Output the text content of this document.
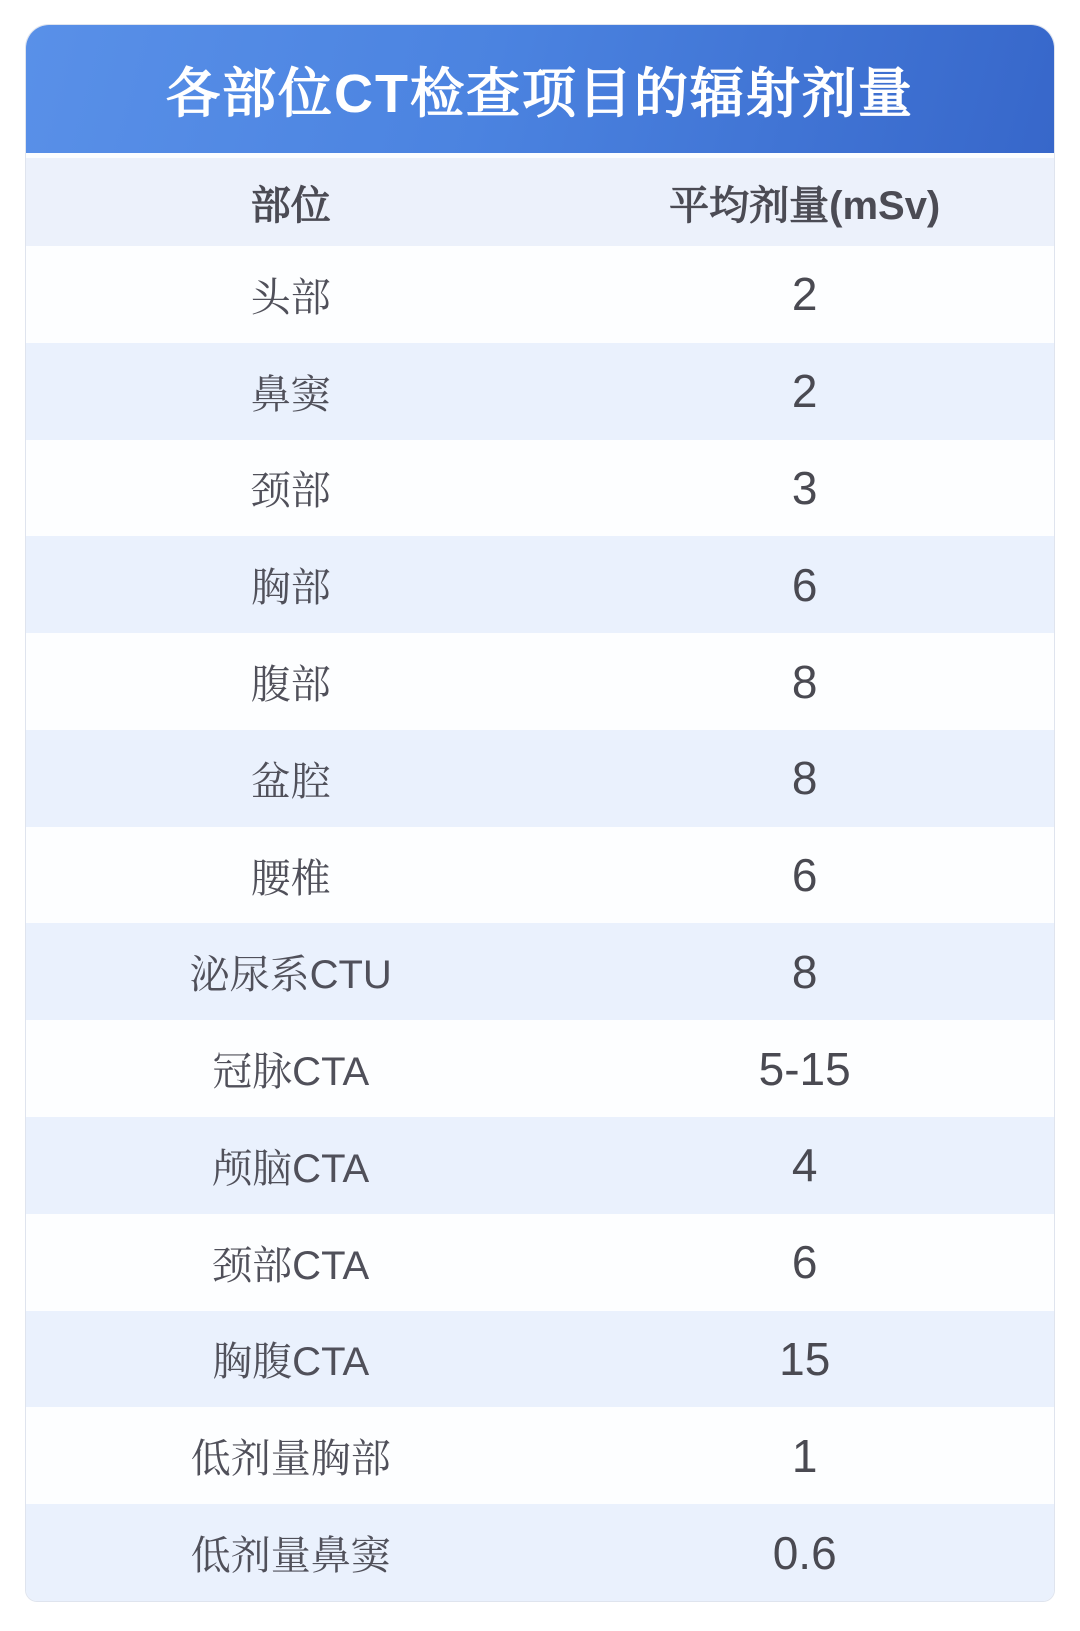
各部位CT检查项目的辐射剂量
部位	平均剂量(mSv)
头部	2
鼻窦	2
颈部	3
胸部	6
腹部	8
盆腔	8
腰椎	6
泌尿系CTU	8
冠脉CTA	5-15
颅脑CTA	4
颈部CTA	6
胸腹CTA	15
低剂量胸部	1
低剂量鼻窦	0.6
